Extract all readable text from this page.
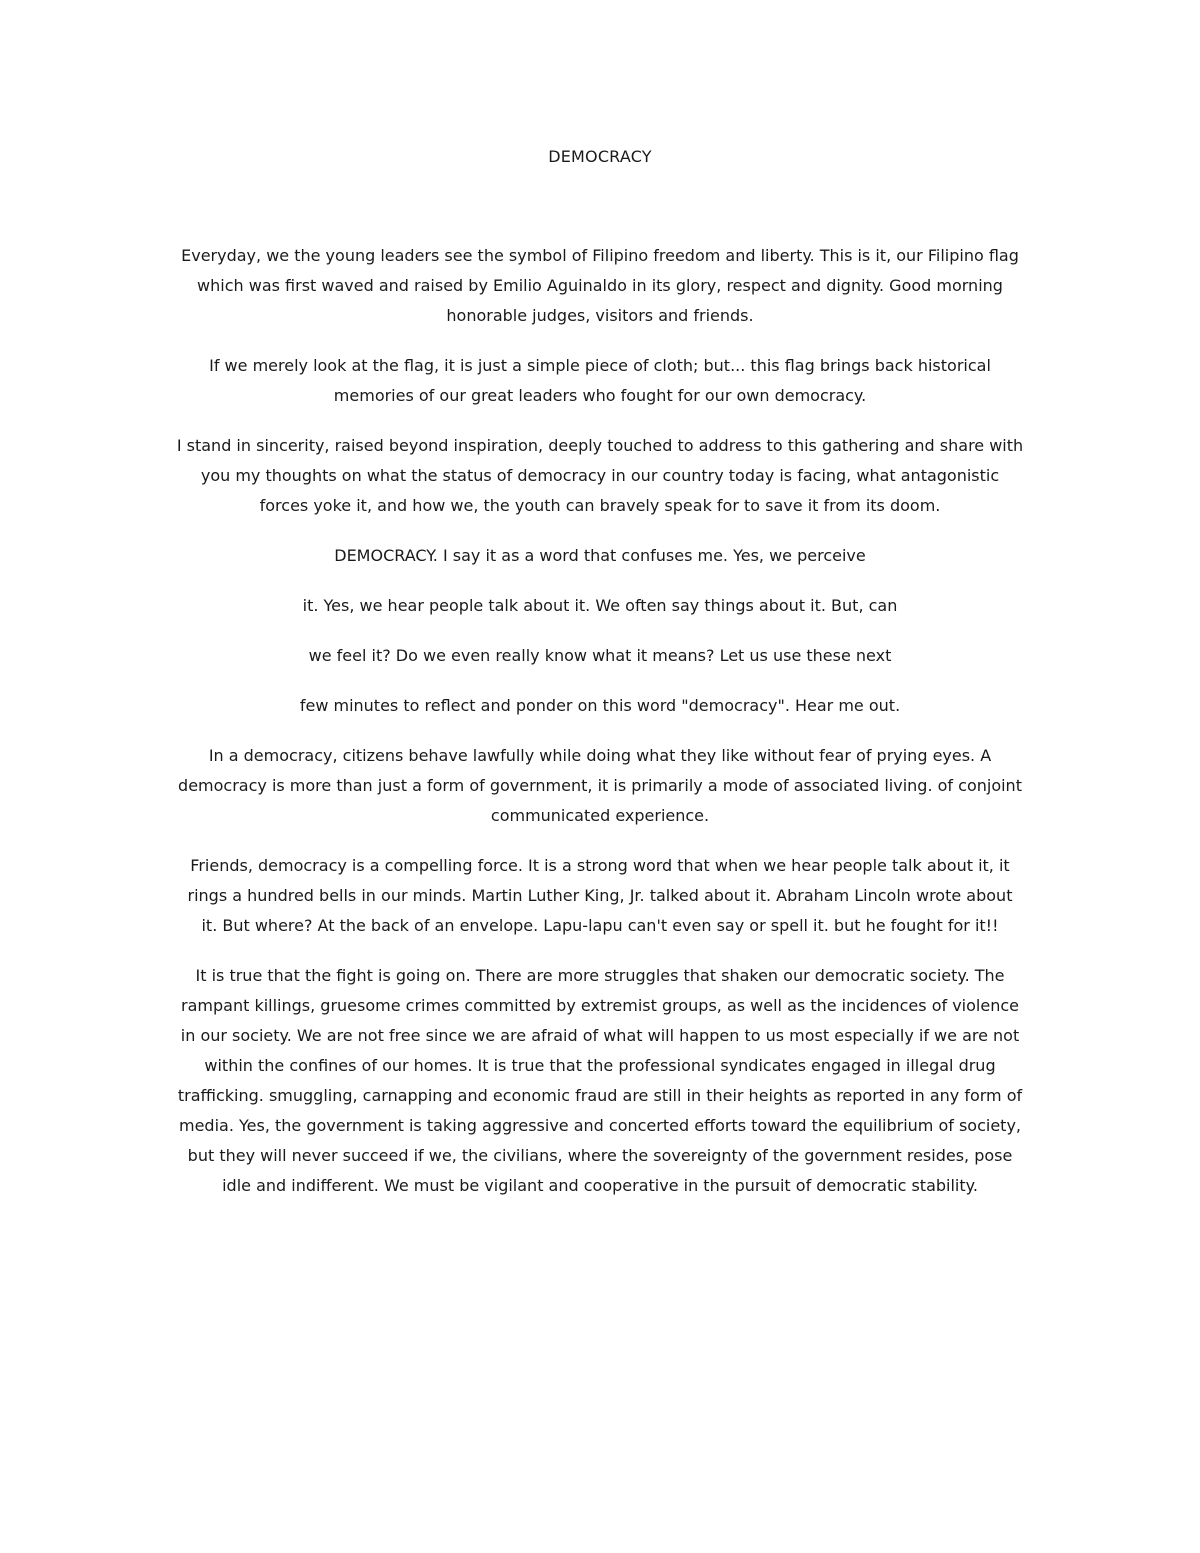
DEMOCRACY

Everyday, we the young leaders see the symbol of Filipino freedom and liberty. This is it, our Filipino flag
which was first waved and raised by Emilio Aguinaldo in its glory, respect and dignity. Good morning
honorable judges, visitors and friends.

If we merely look at the flag, it is just a simple piece of cloth; but... this flag brings back historical
memories of our great leaders who fought for our own democracy.

I stand in sincerity, raised beyond inspiration, deeply touched to address to this gathering and share with
you my thoughts on what the status of democracy in our country today is facing, what antagonistic
forces yoke it, and how we, the youth can bravely speak for to save it from its doom.

DEMOCRACY. I say it as a word that confuses me. Yes, we perceive

it. Yes, we hear people talk about it. We often say things about it. But, can

we feel it? Do we even really know what it means? Let us use these next

few minutes to reflect and ponder on this word "democracy". Hear me out.

In a democracy, citizens behave lawfully while doing what they like without fear of prying eyes. A
democracy is more than just a form of government, it is primarily a mode of associated living. of conjoint
communicated experience.

Friends, democracy is a compelling force. It is a strong word that when we hear people talk about it, it
rings a hundred bells in our minds. Martin Luther King, Jr. talked about it. Abraham Lincoln wrote about
it. But where? At the back of an envelope. Lapu-lapu can't even say or spell it. but he fought for it!!

It is true that the fight is going on. There are more struggles that shaken our democratic society. The
rampant killings, gruesome crimes committed by extremist groups, as well as the incidences of violence
in our society. We are not free since we are afraid of what will happen to us most especially if we are not
within the confines of our homes. It is true that the professional syndicates engaged in illegal drug
trafficking. smuggling, carnapping and economic fraud are still in their heights as reported in any form of
media. Yes, the government is taking aggressive and concerted efforts toward the equilibrium of society,
but they will never succeed if we, the civilians, where the sovereignty of the government resides, pose
idle and indifferent. We must be vigilant and cooperative in the pursuit of democratic stability.
